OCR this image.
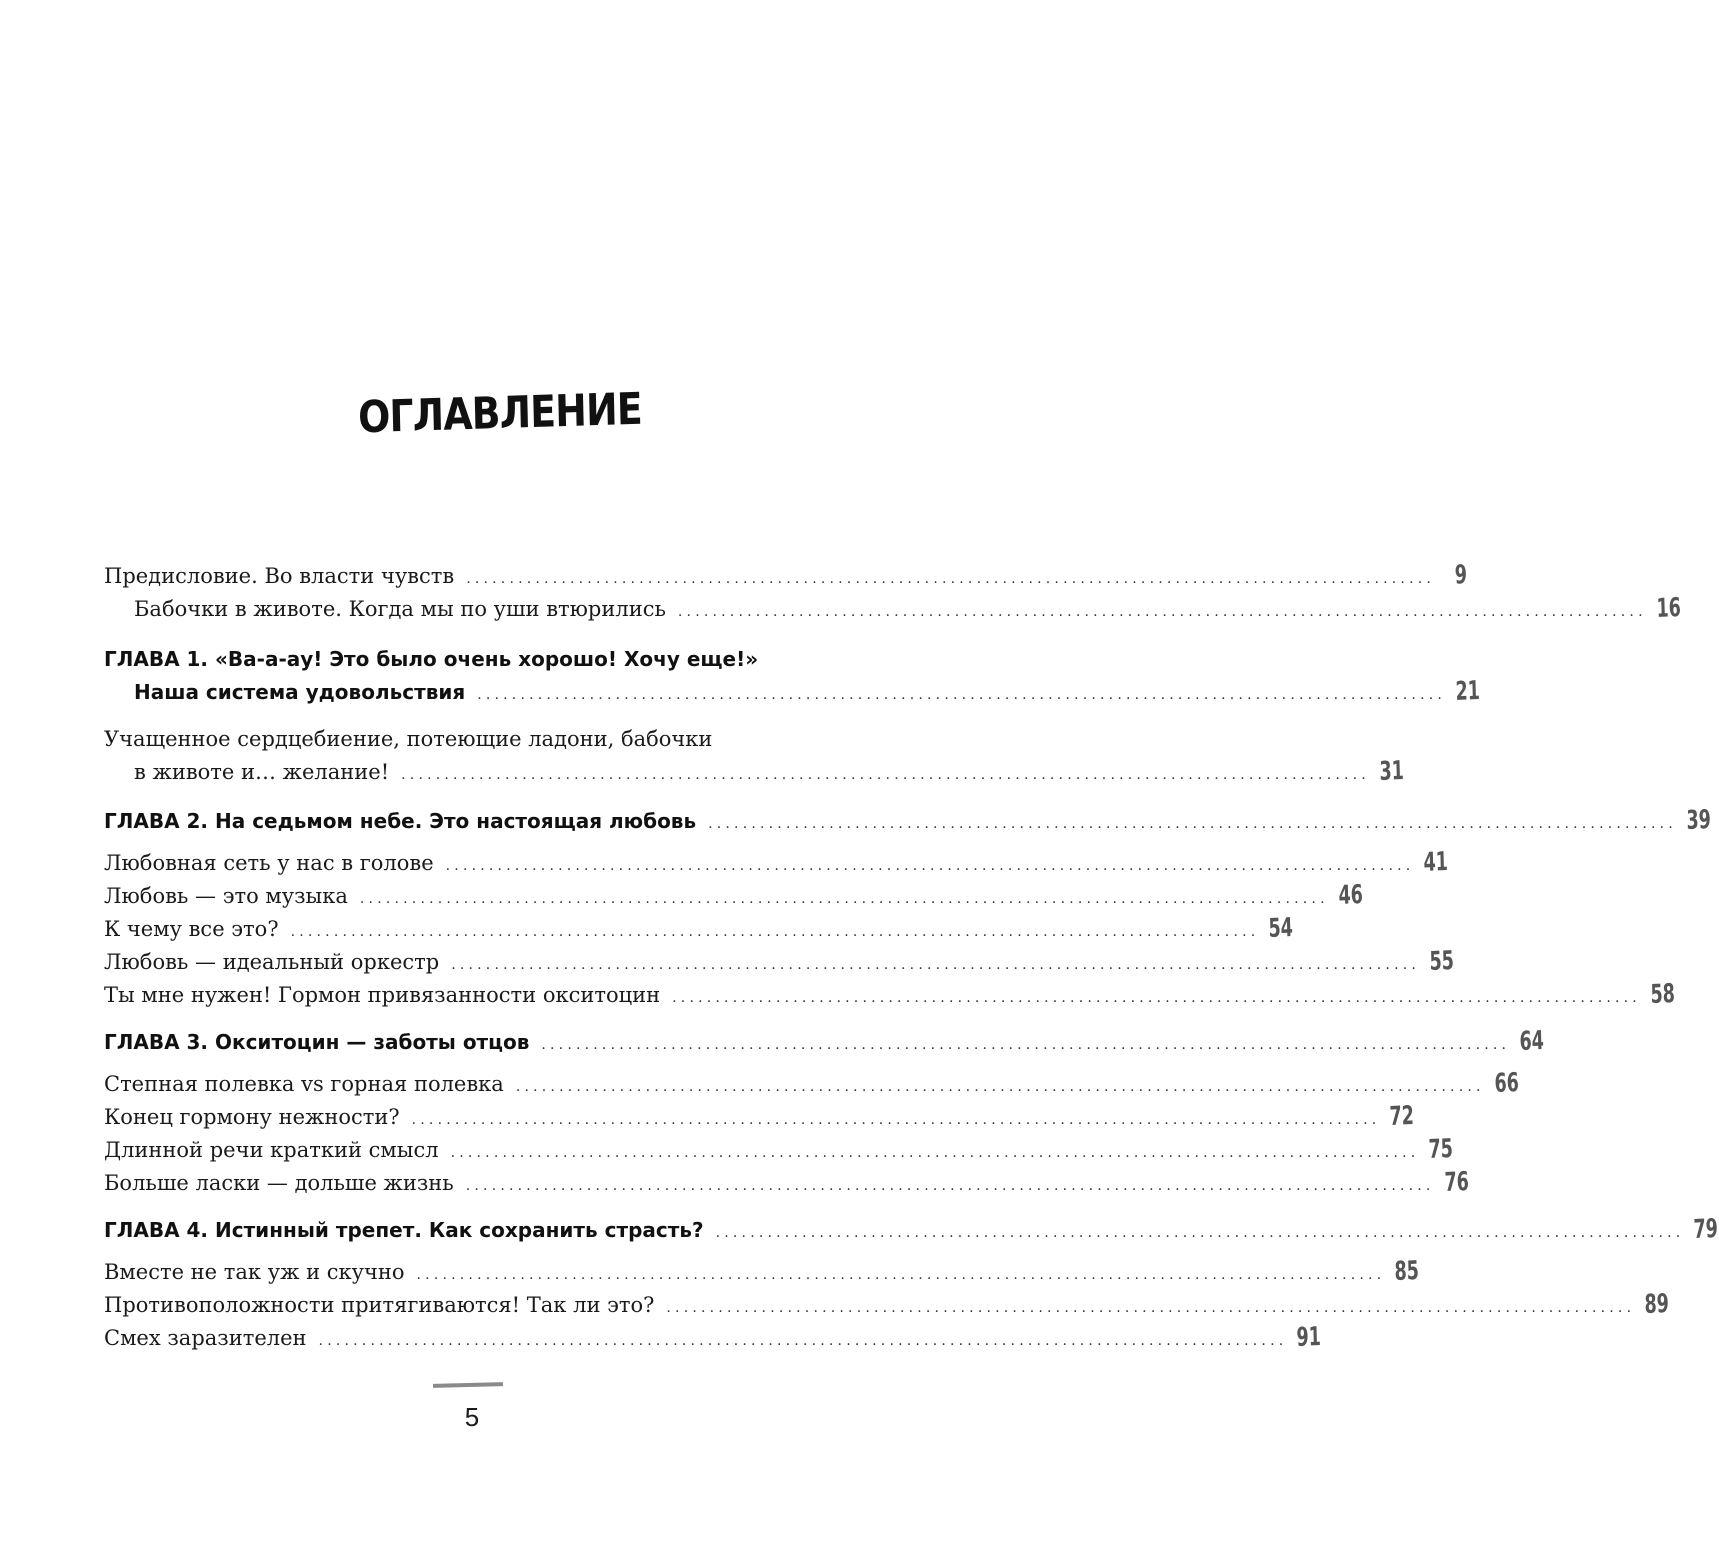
ОГЛАВЛЕНИЕ
Предисловие. Во власти чувств ................................................................................................................ 9
Бабочки в животе. Когда мы по уши втюрились ................................................................................................................ 16
ГЛАВА 1. «Ва-а-ау! Это было очень хорошо! Хочу еще!»
Наша система удовольствия ................................................................................................................ 21
Учащенное сердцебиение, потеющие ладони, бабочки
в животе и… желание! ................................................................................................................ 31
ГЛАВА 2. На седьмом небе. Это настоящая любовь ................................................................................................................ 39
Любовная сеть у нас в голове ................................................................................................................ 41
Любовь — это музыка ................................................................................................................ 46
К чему все это? ................................................................................................................ 54
Любовь — идеальный оркестр ................................................................................................................ 55
Ты мне нужен! Гормон привязанности окситоцин ................................................................................................................ 58
ГЛАВА 3. Окситоцин — заботы отцов ................................................................................................................ 64
Степная полевка vs горная полевка ................................................................................................................ 66
Конец гормону нежности? ................................................................................................................ 72
Длинной речи краткий смысл ................................................................................................................ 75
Больше ласки — дольше жизнь ................................................................................................................ 76
ГЛАВА 4. Истинный трепет. Как сохранить страсть? ................................................................................................................ 79
Вместе не так уж и скучно ................................................................................................................ 85
Противоположности притягиваются! Так ли это? ................................................................................................................ 89
Смех заразителен ................................................................................................................ 91
5
